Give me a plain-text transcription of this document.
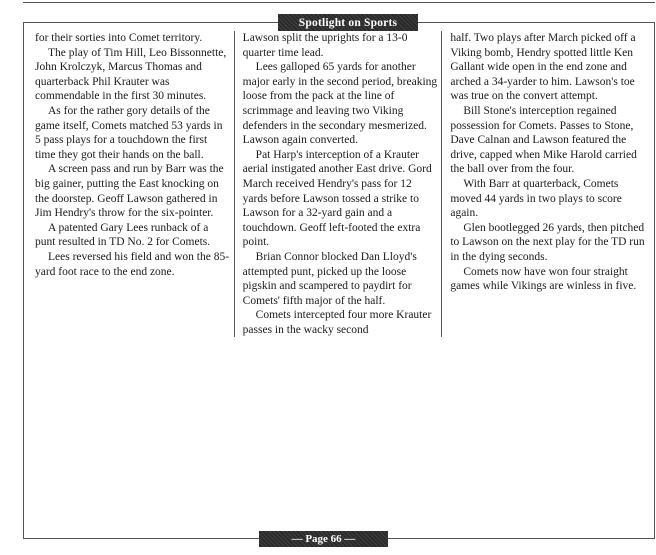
Spotlight on Sports

for their sorties into Comet territory.

The play of Tim Hill, Leo Bissonnette, John Krolczyk, Marcus Thomas and quarterback Phil Krauter was commendable in the first 30 minutes.

As for the rather gory details of the game itself, Comets matched 53 yards in 5 pass plays for a touchdown the first time they got their hands on the ball.

A screen pass and run by Barr was the big gainer, putting the East knocking on the doorstep. Geoff Lawson gathered in Jim Hendry's throw for the six-pointer.

A patented Gary Lees runback of a punt resulted in TD No. 2 for Comets.

Lees reversed his field and won the 85-yard foot race to the end zone.

Lawson split the uprights for a 13-0 quarter time lead.

Lees galloped 65 yards for another major early in the second period, breaking loose from the pack at the line of scrimmage and leaving two Viking defenders in the secondary mesmerized. Lawson again converted.

Pat Harp's interception of a Krauter aerial instigated another East drive. Gord March received Hendry's pass for 12 yards before Lawson tossed a strike to Lawson for a 32-yard gain and a touchdown. Geoff left-footed the extra point.

Brian Connor blocked Dan Lloyd's attempted punt, picked up the loose pigskin and scampered to paydirt for Comets' fifth major of the half.

Comets intercepted four more Krauter passes in the wacky second

half. Two plays after March picked off a Viking bomb, Hendry spotted little Ken Gallant wide open in the end zone and arched a 34-yarder to him. Lawson's toe was true on the convert attempt.

Bill Stone's interception regained possession for Comets. Passes to Stone, Dave Calnan and Lawson featured the drive, capped when Mike Harold carried the ball over from the four.

With Barr at quarterback, Comets moved 44 yards in two plays to score again.

Glen bootlegged 26 yards, then pitched to Lawson on the next play for the TD run in the dying seconds.

Comets now have won four straight games while Vikings are winless in five.

— Page 66 —
